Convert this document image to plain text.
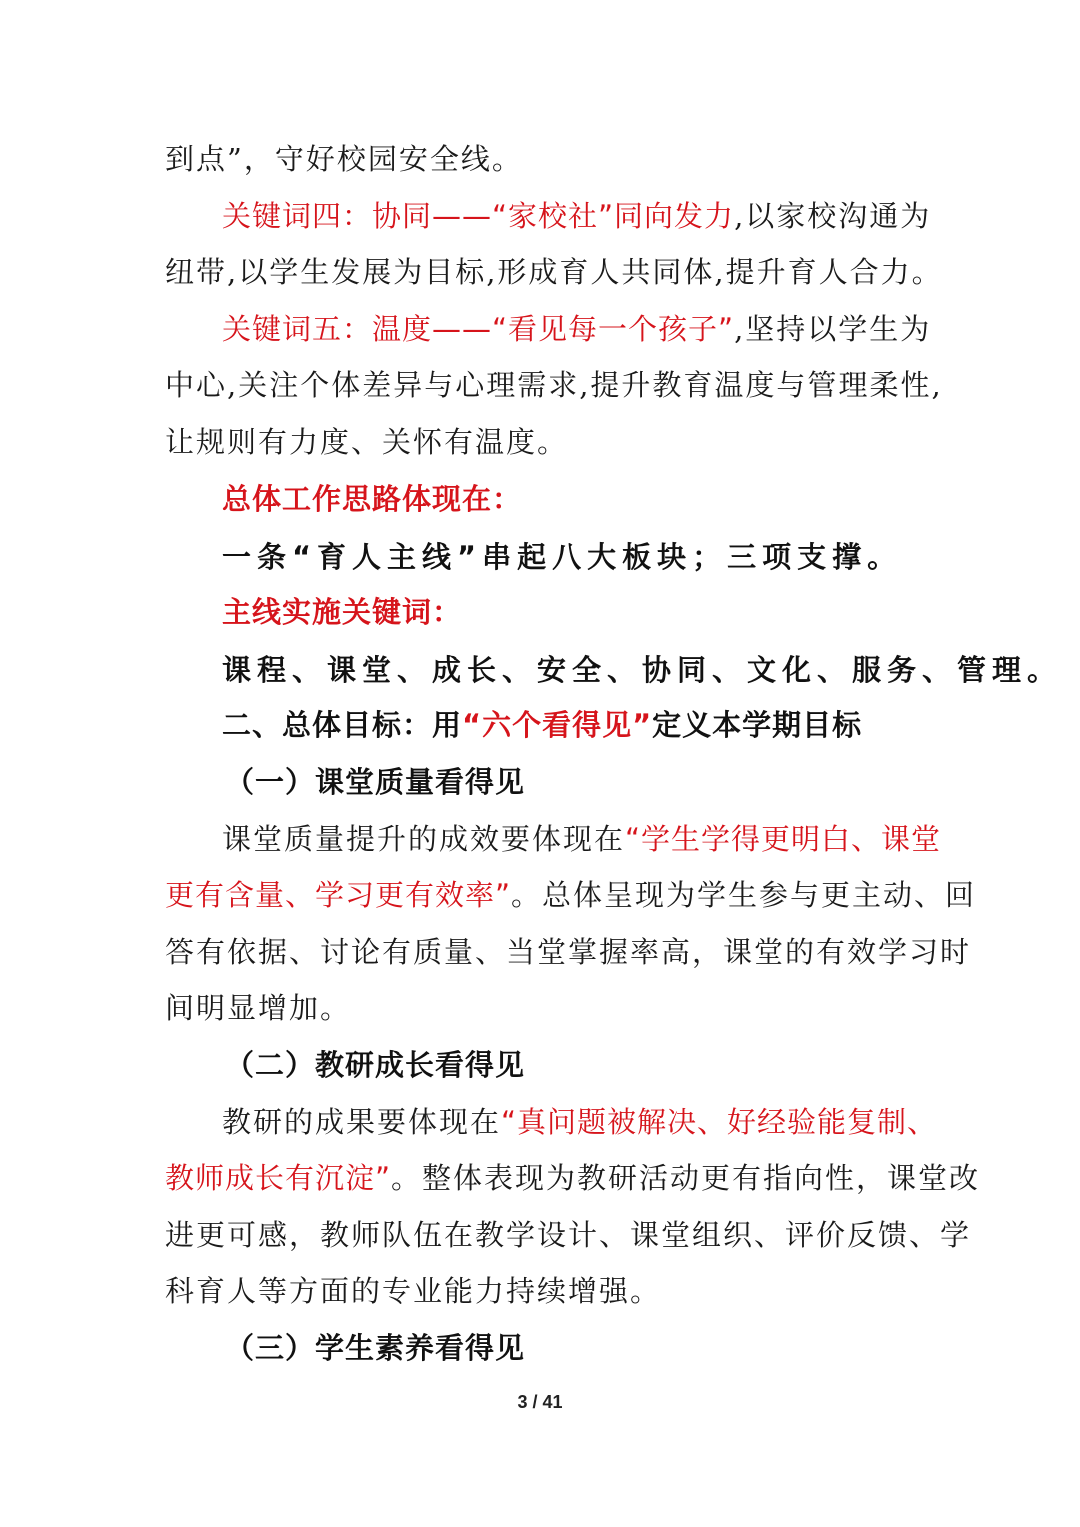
到点”，守好校园安全线。
关键词四：协同——“家校社”同向发力,以家校沟通为
纽带,以学生发展为目标,形成育人共同体,提升育人合力。
关键词五：温度——“看见每一个孩子”,坚持以学生为
中心,关注个体差异与心理需求,提升教育温度与管理柔性,
让规则有力度、关怀有温度。
总体工作思路体现在：
一条“育人主线”串起八大板块；三项支撑。
主线实施关键词：
课程、课堂、成长、安全、协同、文化、服务、管理。
二、总体目标：用“六个看得见”定义本学期目标
（一）课堂质量看得见
课堂质量提升的成效要体现在“学生学得更明白、课堂
更有含量、学习更有效率”。总体呈现为学生参与更主动、回
答有依据、讨论有质量、当堂掌握率高，课堂的有效学习时
间明显增加。
（二）教研成长看得见
教研的成果要体现在“真问题被解决、好经验能复制、
教师成长有沉淀”。整体表现为教研活动更有指向性，课堂改
进更可感，教师队伍在教学设计、课堂组织、评价反馈、学
科育人等方面的专业能力持续增强。
（三）学生素养看得见
3 / 41
